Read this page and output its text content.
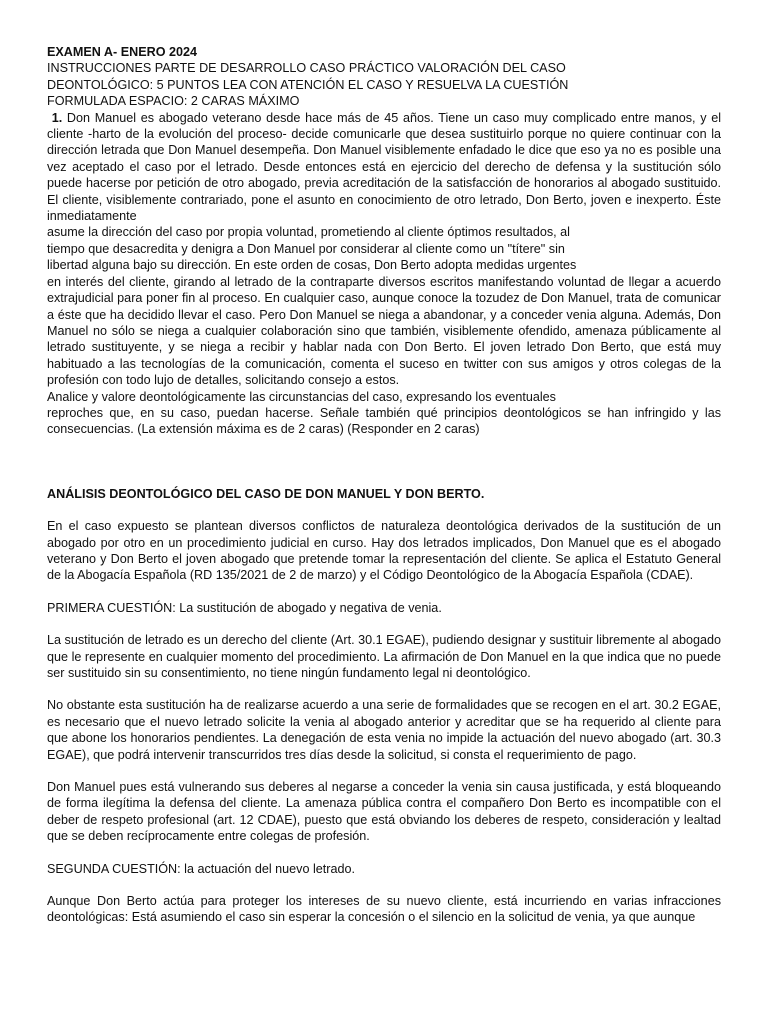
EXAMEN A- ENERO 2024
INSTRUCCIONES PARTE DE DESARROLLO CASO PRÁCTICO VALORACIÓN DEL CASO
DEONTOLÓGICO: 5 PUNTOS LEA CON ATENCIÓN EL CASO Y RESUELVA LA CUESTIÓN
FORMULADA ESPACIO: 2 CARAS MÁXIMO

1. Don Manuel es abogado veterano desde hace más de 45 años. Tiene un caso muy complicado entre manos, y el cliente -harto de la evolución del proceso- decide comunicarle que desea sustituirlo porque no quiere continuar con la dirección letrada que Don Manuel desempeña. Don Manuel visiblemente enfadado le dice que eso ya no es posible una vez aceptado el caso por el letrado. Desde entonces está en ejercicio del derecho de defensa y la sustitución sólo puede hacerse por petición de otro abogado, previa acreditación de la satisfacción de honorarios al abogado sustituido. El cliente, visiblemente contrariado, pone el asunto en conocimiento de otro letrado, Don Berto, joven e inexperto. Éste inmediatamente

asume la dirección del caso por propia voluntad, prometiendo al cliente óptimos resultados, al
tiempo que desacredita y denigra a Don Manuel por considerar al cliente como un "títere" sin
libertad alguna bajo su dirección. En este orden de cosas, Don Berto adopta medidas urgentes

en interés del cliente, girando al letrado de la contraparte diversos escritos manifestando voluntad de llegar a acuerdo extrajudicial para poner fin al proceso. En cualquier caso, aunque conoce la tozudez de Don Manuel, trata de comunicar a éste que ha decidido llevar el caso. Pero Don Manuel se niega a abandonar, y a conceder venia alguna. Además, Don Manuel no sólo se niega a cualquier colaboración sino que también, visiblemente ofendido, amenaza públicamente al letrado sustituyente, y se niega a recibir y hablar nada con Don Berto. El joven letrado Don Berto, que está muy habituado a las tecnologías de la comunicación, comenta el suceso en twitter con sus amigos y otros colegas de la profesión con todo lujo de detalles, solicitando consejo a estos.

Analice y valore deontológicamente las circunstancias del caso, expresando los eventuales

reproches que, en su caso, puedan hacerse. Señale también qué principios deontológicos se han infringido y las consecuencias. (La extensión máxima es de 2 caras) (Responder en 2 caras)

ANÁLISIS DEONTOLÓGICO DEL CASO DE DON MANUEL Y DON BERTO.

En el caso expuesto se plantean diversos conflictos de naturaleza deontológica derivados de la sustitución de un abogado por otro en un procedimiento judicial en curso. Hay dos letrados implicados, Don Manuel que es el abogado veterano y Don Berto el joven abogado que pretende tomar la representación del cliente. Se aplica el Estatuto General de la Abogacía Española (RD 135/2021 de 2 de marzo) y el Código Deontológico de la Abogacía Española (CDAE).

PRIMERA CUESTIÓN: La sustitución de abogado y negativa de venia.

La sustitución de letrado es un derecho del cliente (Art. 30.1 EGAE), pudiendo designar y sustituir libremente al abogado que le represente en cualquier momento del procedimiento. La afirmación de Don Manuel en la que indica que no puede ser sustituido sin su consentimiento, no tiene ningún fundamento legal ni deontológico.

No obstante esta sustitución ha de realizarse acuerdo a una serie de formalidades que se recogen en el art. 30.2 EGAE, es necesario que el nuevo letrado solicite la venia al abogado anterior y acreditar que se ha requerido al cliente para que abone los honorarios pendientes. La denegación de esta venia no impide la actuación del nuevo abogado (art. 30.3 EGAE), que podrá intervenir transcurridos tres días desde la solicitud, si consta el requerimiento de pago.

Don Manuel pues está vulnerando sus deberes al negarse a conceder la venia sin causa justificada, y está bloqueando de forma ilegítima la defensa del cliente. La amenaza pública contra el compañero Don Berto es incompatible con el deber de respeto profesional (art. 12 CDAE), puesto que está obviando los deberes de respeto, consideración y lealtad que se deben recíprocamente entre colegas de profesión.

SEGUNDA CUESTIÓN: la actuación del nuevo letrado.

Aunque Don Berto actúa para proteger los intereses de su nuevo cliente, está incurriendo en varias infracciones deontológicas: Está asumiendo el caso sin esperar la concesión o el silencio en la solicitud de venia, ya que aunque
